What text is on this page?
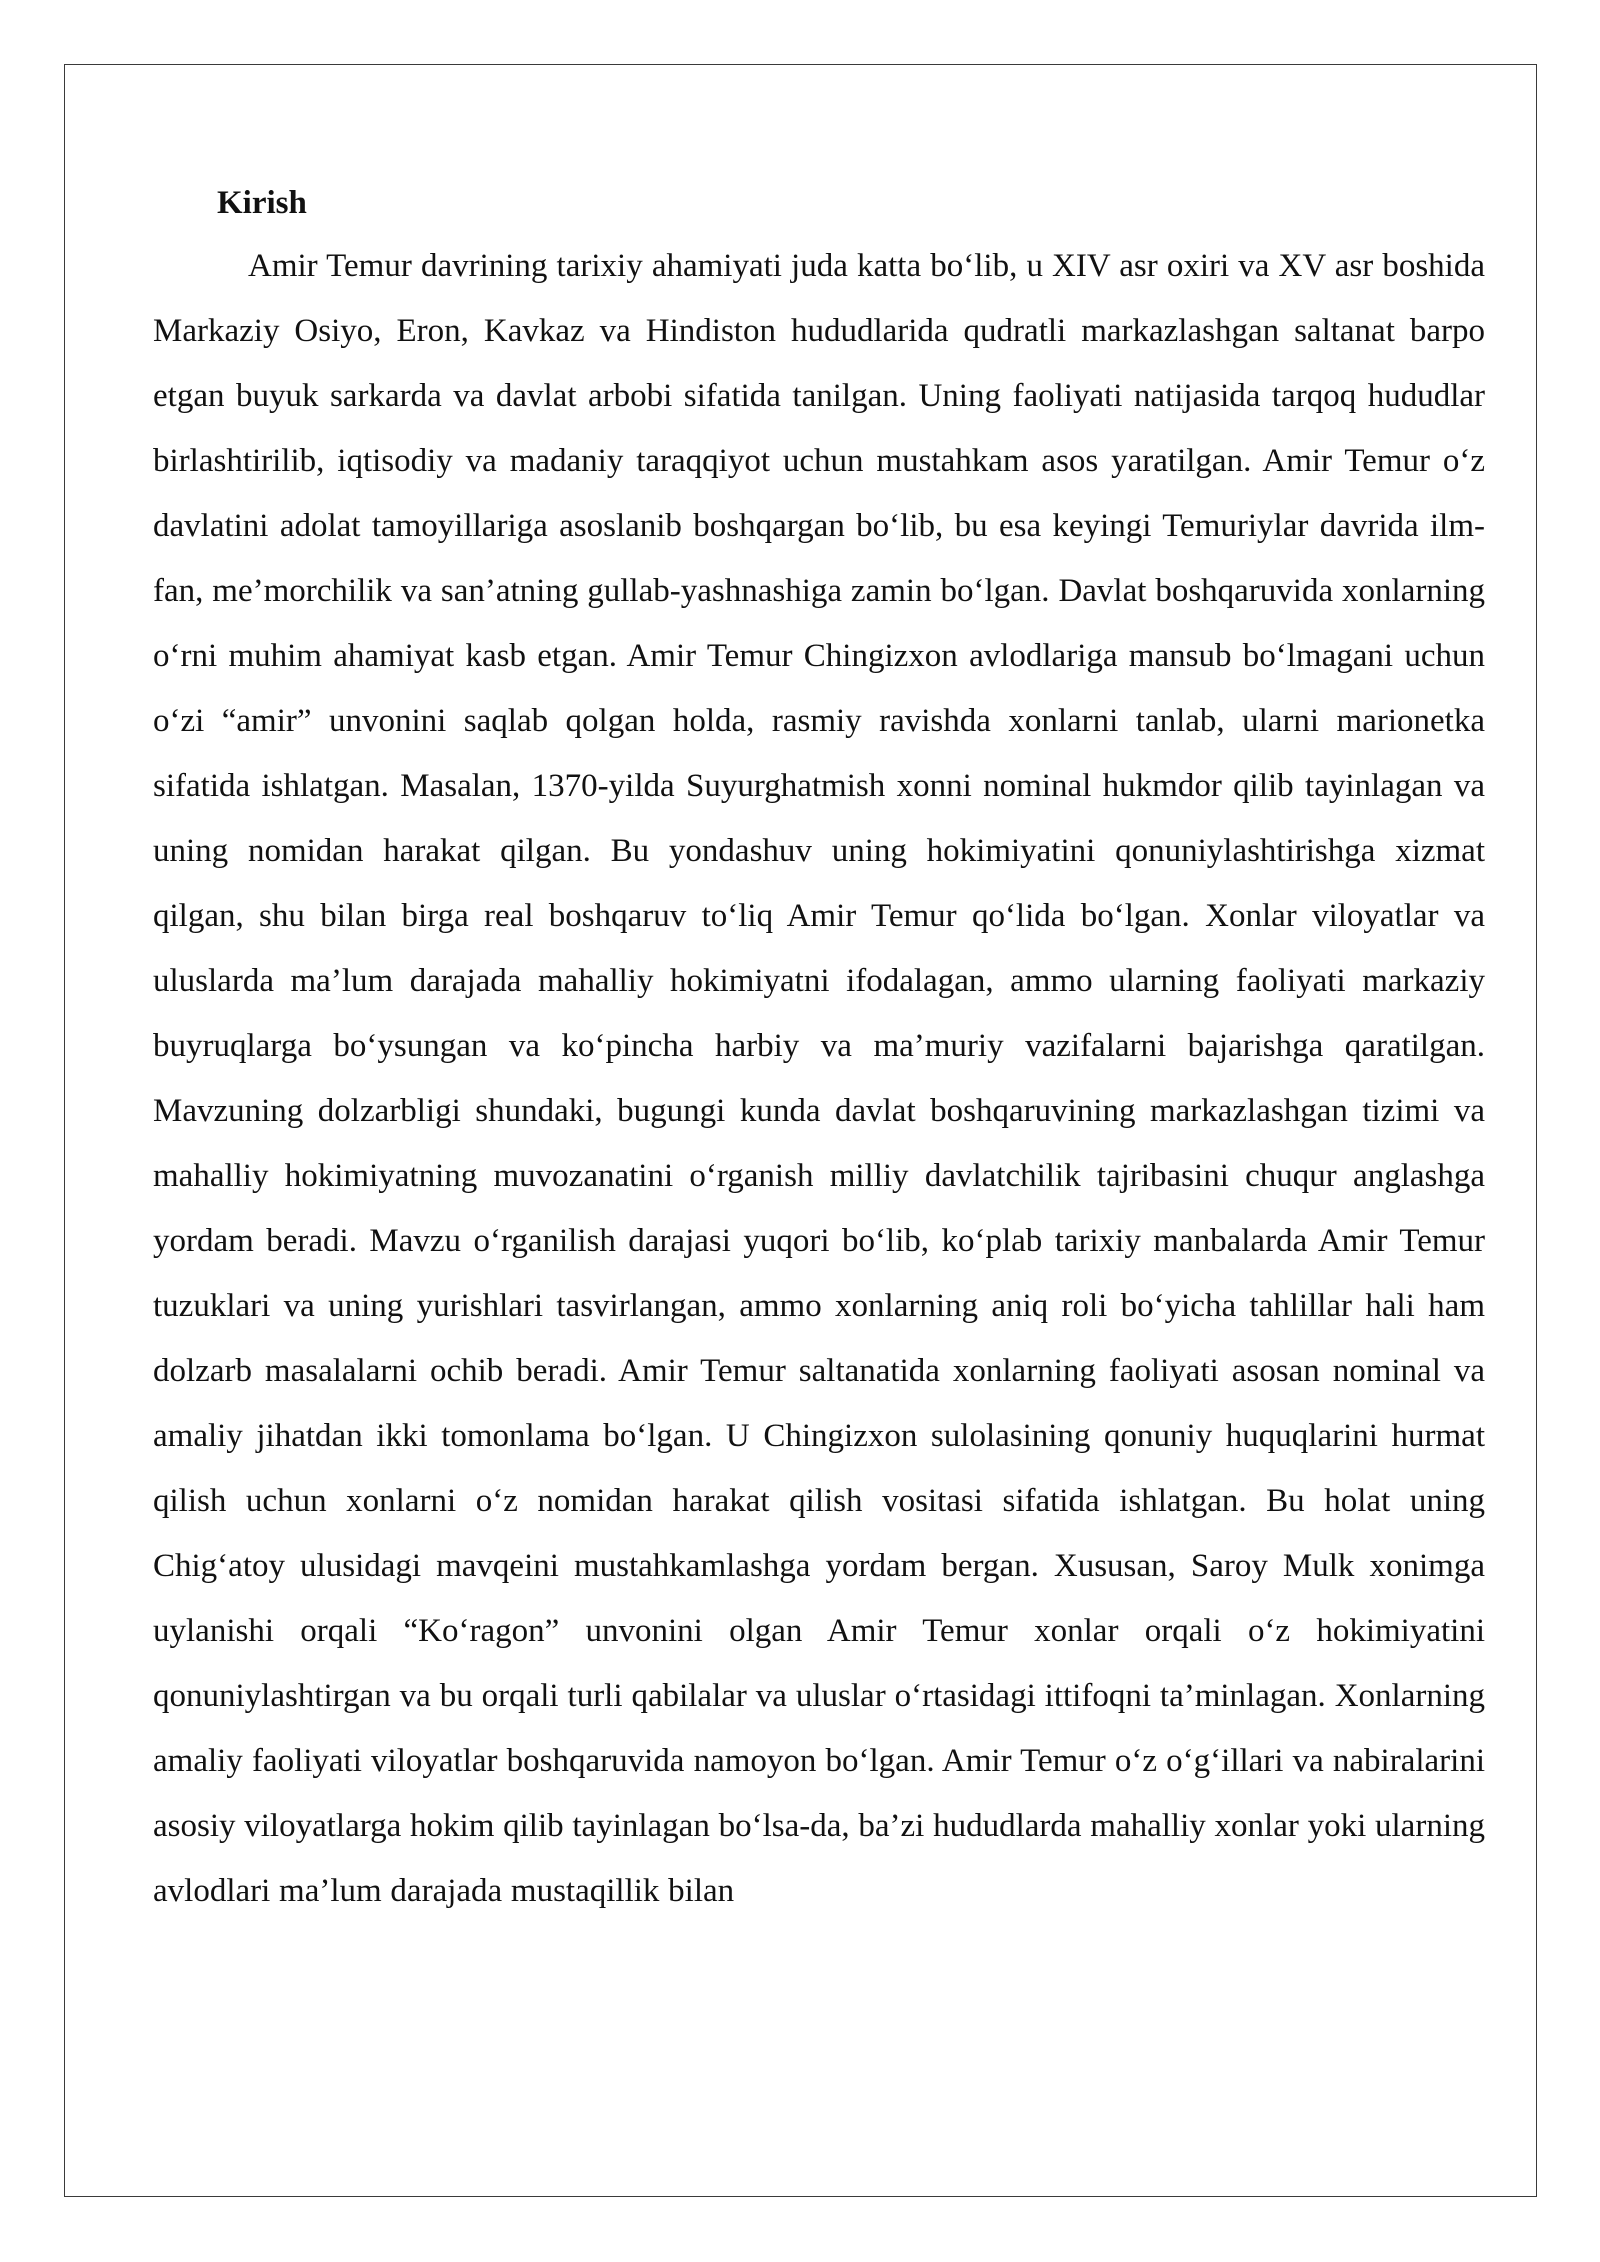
Kirish

Amir Temur davrining tarixiy ahamiyati juda katta bo‘lib, u XIV asr oxiri va XV asr boshida Markaziy Osiyo, Eron, Kavkaz va Hindiston hududlarida qudratli markazlashgan saltanat barpo etgan buyuk sarkarda va davlat arbobi sifatida tanilgan. Uning faoliyati natijasida tarqoq hududlar birlashtirilib, iqtisodiy va madaniy taraqqiyot uchun mustahkam asos yaratilgan. Amir Temur o‘z davlatini adolat tamoyillariga asoslanib boshqargan bo‘lib, bu esa keyingi Temuriylar davrida ilm-fan, me’morchilik va san’atning gullab-yashnashiga zamin bo‘lgan. Davlat boshqaruvida xonlarning o‘rni muhim ahamiyat kasb etgan. Amir Temur Chingizxon avlodlariga mansub bo‘lmagani uchun o‘zi “amir” unvonini saqlab qolgan holda, rasmiy ravishda xonlarni tanlab, ularni marionetka sifatida ishlatgan. Masalan, 1370-yilda Suyurghatmish xonni nominal hukmdor qilib tayinlagan va uning nomidan harakat qilgan. Bu yondashuv uning hokimiyatini qonuniylashtirishga xizmat qilgan, shu bilan birga real boshqaruv to‘liq Amir Temur qo‘lida bo‘lgan. Xonlar viloyatlar va uluslarda ma’lum darajada mahalliy hokimiyatni ifodalagan, ammo ularning faoliyati markaziy buyruqlarga bo‘ysungan va ko‘pincha harbiy va ma’muriy vazifalarni bajarishga qaratilgan. Mavzuning dolzarbligi shundaki, bugungi kunda davlat boshqaruvining markazlashgan tizimi va mahalliy hokimiyatning muvozanatini o‘rganish milliy davlatchilik tajribasini chuqur anglashga yordam beradi. Mavzu o‘rganilish darajasi yuqori bo‘lib, ko‘plab tarixiy manbalarda Amir Temur tuzuklari va uning yurishlari tasvirlangan, ammo xonlarning aniq roli bo‘yicha tahlillar hali ham dolzarb masalalarni ochib beradi. Amir Temur saltanatida xonlarning faoliyati asosan nominal va amaliy jihatdan ikki tomonlama bo‘lgan. U Chingizxon sulolasining qonuniy huquqlarini hurmat qilish uchun xonlarni o‘z nomidan harakat qilish vositasi sifatida ishlatgan. Bu holat uning Chig‘atoy ulusidagi mavqeini mustahkamlashga yordam bergan. Xususan, Saroy Mulk xonimga uylanishi orqali “Ko‘ragon” unvonini olgan Amir Temur xonlar orqali o‘z hokimiyatini qonuniylashtirgan va bu orqali turli qabilalar va uluslar o‘rtasidagi ittifoqni ta’minlagan. Xonlarning amaliy faoliyati viloyatlar boshqaruvida namoyon bo‘lgan. Amir Temur o‘z o‘g‘illari va nabiralarini asosiy viloyatlarga hokim qilib tayinlagan bo‘lsa-da, ba’zi hududlarda mahalliy xonlar yoki ularning avlodlari ma’lum darajada mustaqillik bilan
